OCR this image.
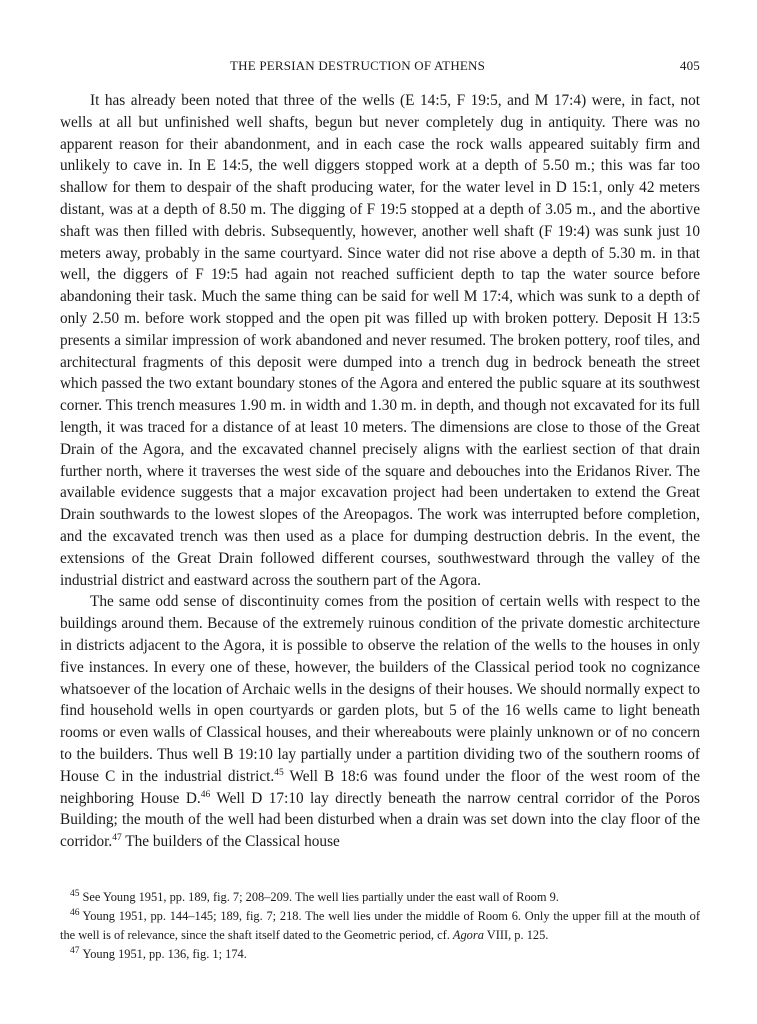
THE PERSIAN DESTRUCTION OF ATHENS	405

It has already been noted that three of the wells (E 14:5, F 19:5, and M 17:4) were, in fact, not wells at all but unfinished well shafts, begun but never completely dug in antiquity. There was no apparent reason for their abandonment, and in each case the rock walls appeared suitably firm and unlikely to cave in. In E 14:5, the well diggers stopped work at a depth of 5.50 m.; this was far too shallow for them to despair of the shaft producing water, for the water level in D 15:1, only 42 meters distant, was at a depth of 8.50 m. The digging of F 19:5 stopped at a depth of 3.05 m., and the abortive shaft was then filled with debris. Subsequently, however, another well shaft (F 19:4) was sunk just 10 meters away, probably in the same courtyard. Since water did not rise above a depth of 5.30 m. in that well, the diggers of F 19:5 had again not reached sufficient depth to tap the water source before abandoning their task. Much the same thing can be said for well M 17:4, which was sunk to a depth of only 2.50 m. before work stopped and the open pit was filled up with broken pottery. Deposit H 13:5 presents a similar impression of work abandoned and never resumed. The broken pottery, roof tiles, and architectural fragments of this deposit were dumped into a trench dug in bedrock beneath the street which passed the two extant boundary stones of the Agora and entered the public square at its southwest corner. This trench measures 1.90 m. in width and 1.30 m. in depth, and though not excavated for its full length, it was traced for a distance of at least 10 meters. The dimensions are close to those of the Great Drain of the Agora, and the excavated channel precisely aligns with the earliest section of that drain further north, where it traverses the west side of the square and debouches into the Eridanos River. The available evidence suggests that a major excavation project had been undertaken to extend the Great Drain southwards to the lowest slopes of the Areopagos. The work was interrupted before completion, and the excavated trench was then used as a place for dumping destruction debris. In the event, the extensions of the Great Drain followed different courses, southwestward through the valley of the industrial district and eastward across the southern part of the Agora.

The same odd sense of discontinuity comes from the position of certain wells with respect to the buildings around them. Because of the extremely ruinous condition of the private domestic architecture in districts adjacent to the Agora, it is possible to observe the relation of the wells to the houses in only five instances. In every one of these, however, the builders of the Classical period took no cognizance whatsoever of the location of Archaic wells in the designs of their houses. We should normally expect to find household wells in open courtyards or garden plots, but 5 of the 16 wells came to light beneath rooms or even walls of Classical houses, and their whereabouts were plainly unknown or of no concern to the builders. Thus well B 19:10 lay partially under a partition dividing two of the southern rooms of House C in the industrial district.$^{45}$ Well B 18:6 was found under the floor of the west room of the neighboring House D.$^{46}$ Well D 17:10 lay directly beneath the narrow central corridor of the Poros Building; the mouth of the well had been disturbed when a drain was set down into the clay floor of the corridor.$^{47}$ The builders of the Classical house

$^{45}$ See Young 1951, pp. 189, fig. 7; 208–209. The well lies partially under the east wall of Room 9.

$^{46}$ Young 1951, pp. 144–145; 189, fig. 7; 218. The well lies under the middle of Room 6. Only the upper fill at the mouth of the well is of relevance, since the shaft itself dated to the Geometric period, cf. Agora VIII, p. 125.

$^{47}$ Young 1951, pp. 136, fig. 1; 174.
